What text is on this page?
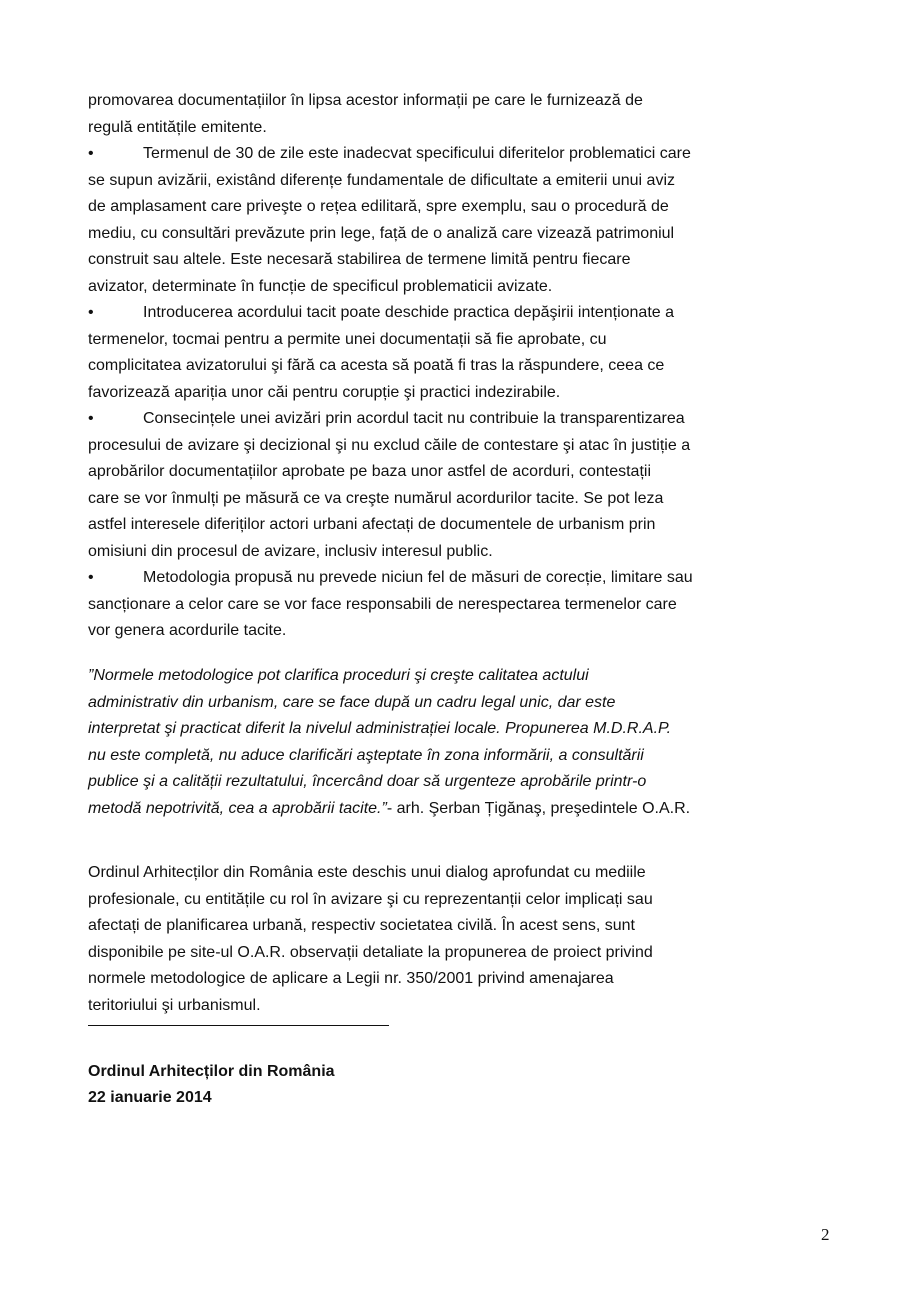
promovarea documentațiilor în lipsa acestor informații pe care le furnizează de
regulă entitățile emitente.
•	Termenul de 30 de zile este inadecvat specificului diferitelor problematici care
se supun avizării, existând diferențe fundamentale de dificultate a emiterii unui aviz
de amplasament care priveşte o rețea edilitară, spre exemplu, sau o procedură de
mediu, cu consultări prevăzute prin lege, față de o analiză care vizează patrimoniul
construit sau altele. Este necesară stabilirea de termene limită pentru fiecare
avizator, determinate în funcție de specificul problematicii avizate.
•	Introducerea acordului tacit poate deschide practica depăşirii intenționate a
termenelor, tocmai pentru a permite unei documentații să fie aprobate, cu
complicitatea avizatorului şi fără ca acesta să poată fi tras la răspundere, ceea ce
favorizează apariția unor căi pentru corupție şi practici indezirabile.
•	Consecințele unei avizări prin acordul tacit nu contribuie la transparentizarea
procesului de avizare şi decizional şi nu exclud căile de contestare şi atac în justiție a
aprobărilor documentațiilor aprobate pe baza unor astfel de acorduri, contestații
care se vor înmulți pe măsură ce va creşte numărul acordurilor tacite. Se pot leza
astfel interesele diferiților actori urbani afectați de documentele de urbanism prin
omisiuni din procesul de avizare, inclusiv interesul public.
•	Metodologia propusă nu prevede niciun fel de măsuri de corecție, limitare sau
sancționare a celor care se vor face responsabili de nerespectarea termenelor care
vor genera acordurile tacite.
”Normele metodologice pot clarifica proceduri şi creşte calitatea actului
administrativ din urbanism, care se face după un cadru legal unic, dar este
interpretat şi practicat diferit la nivelul administrației locale. Propunerea M.D.R.A.P.
nu este completă, nu aduce clarificări aşteptate în zona informării, a consultării
publice şi a calității rezultatului, încercând doar să urgenteze aprobările printr-o
metodă nepotrivită, cea a aprobării tacite.”- arh. Şerban Țigănaş, preşedintele O.A.R.
Ordinul Arhitecților din România este deschis unui dialog aprofundat cu mediile
profesionale, cu entitățile cu rol în avizare şi cu reprezentanții celor implicați sau
afectați de planificarea urbană, respectiv societatea civilă. În acest sens, sunt
disponibile pe site-ul O.A.R. observații detaliate la propunerea de proiect privind
normele metodologice de aplicare a Legii nr. 350/2001 privind amenajarea
teritoriului şi urbanismul.
Ordinul Arhitecților din România
22 ianuarie 2014
2
